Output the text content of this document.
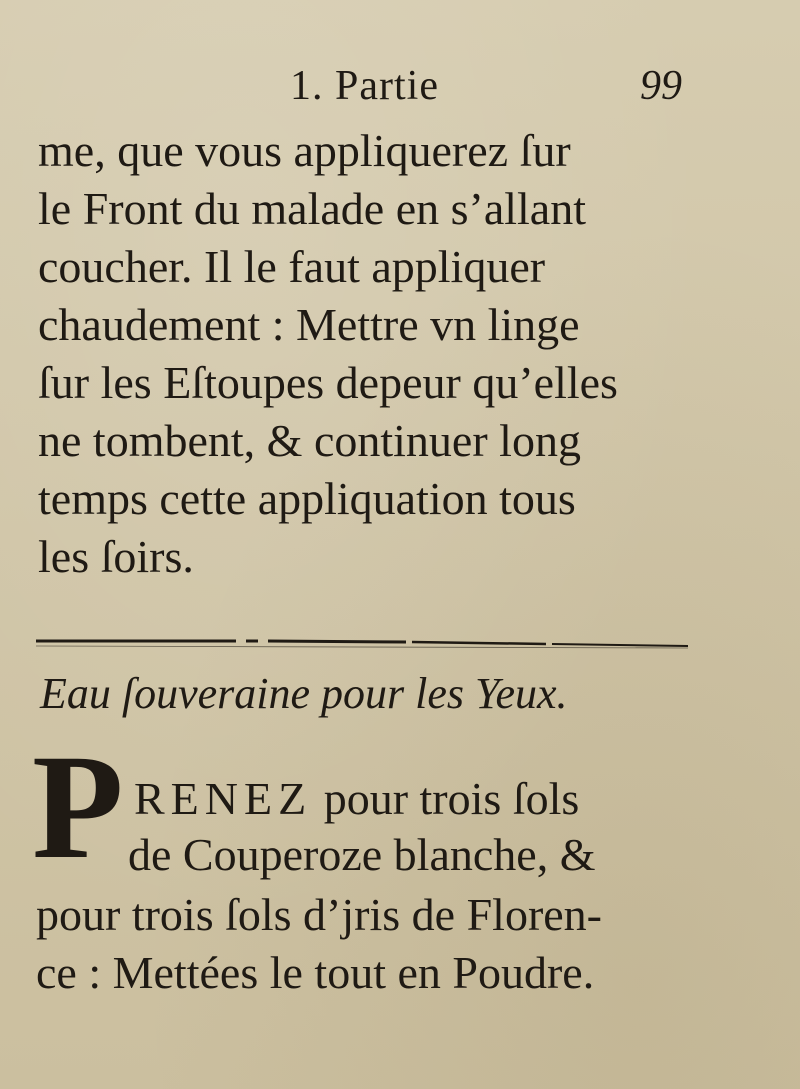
1. Partie	99
me, que vous appliquerez ſur
le Front du malade en s’allant
coucher. Il le faut appliquer
chaudement : Mettre vn linge
ſur les Eſtoupes depeur qu’elles
ne tombent, & continuer long
temps cette appliquation tous
les ſoirs.
Eau ſouveraine pour les Yeux.
P RENEZ pour trois ſols
de Couperoze blanche, &
pour trois ſols d’jris de Floren-
ce : Mettées le tout en Poudre.
